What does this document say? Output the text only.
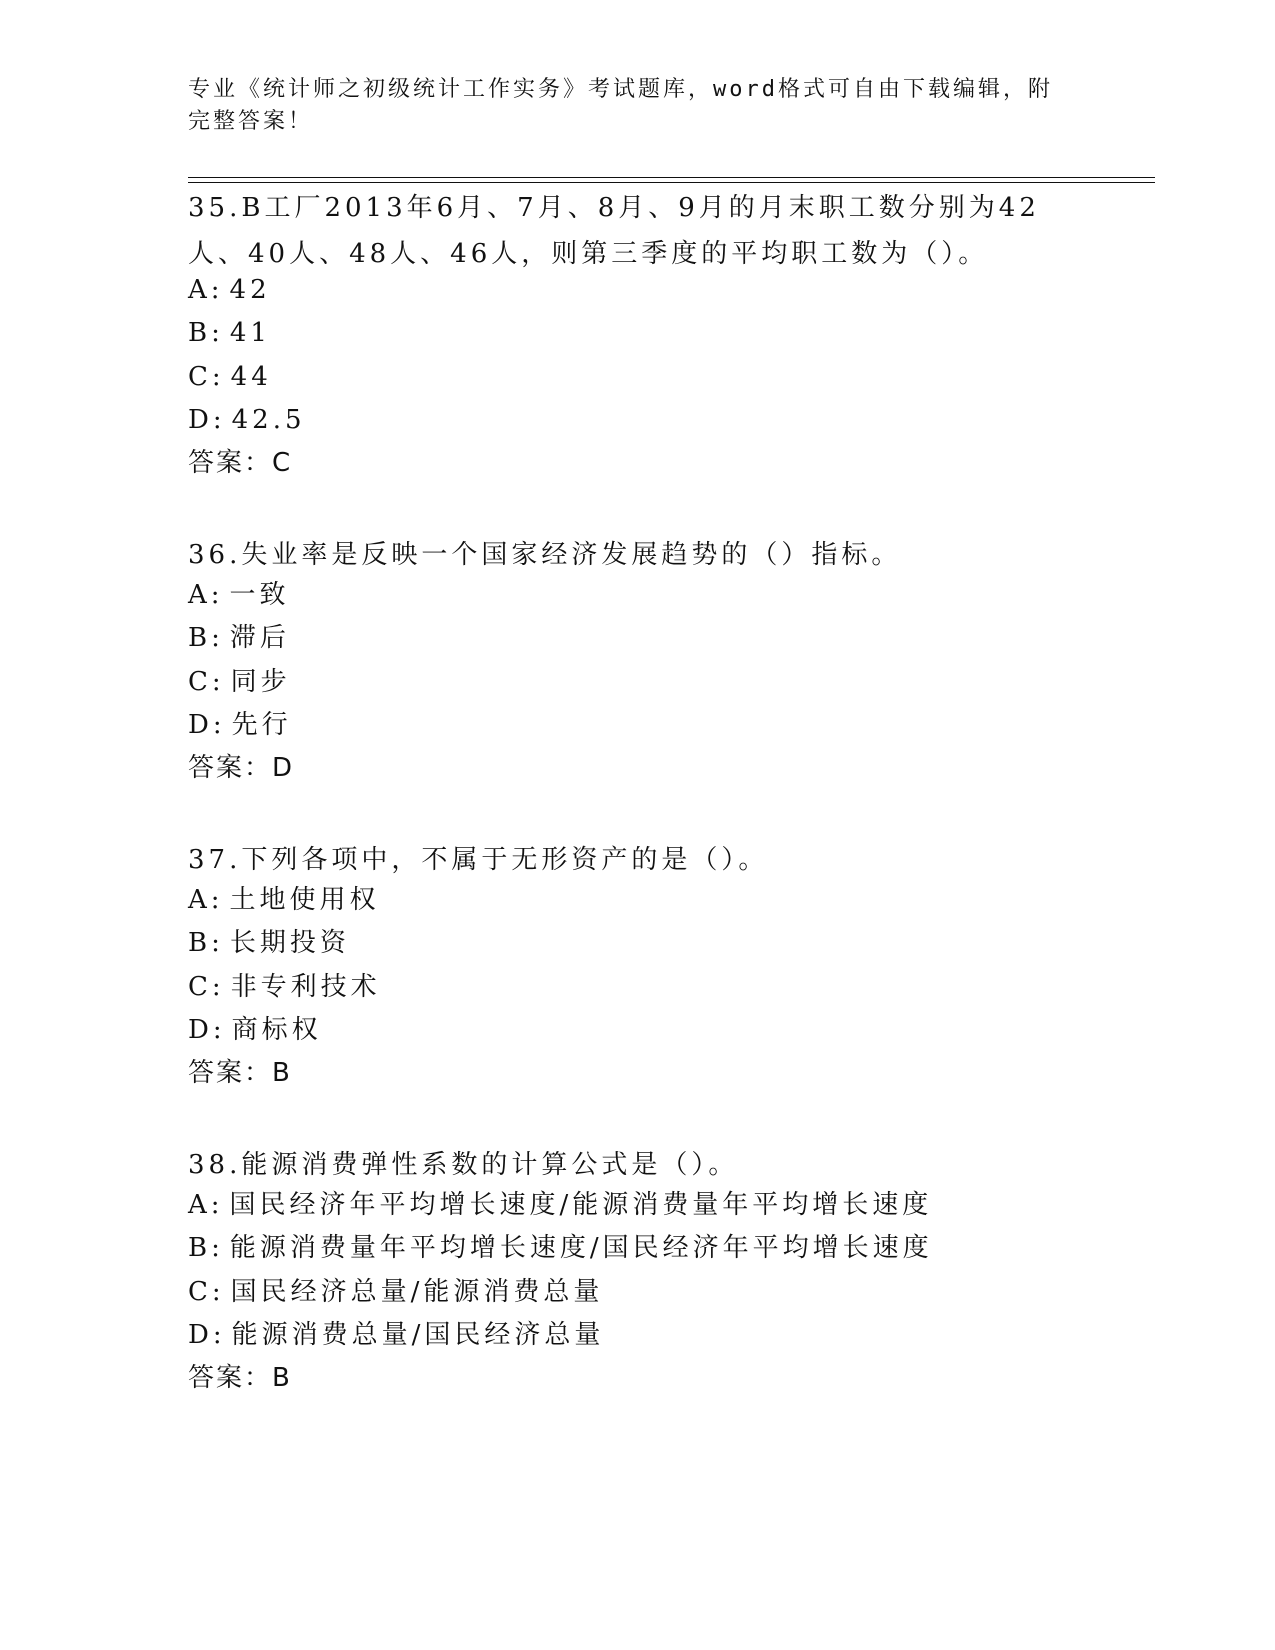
专业《统计师之初级统计工作实务》考试题库，word格式可自由下载编辑，附完整答案！
35.B工厂2013年6月、7月、8月、9月的月末职工数分别为42人、40人、48人、46人，则第三季度的平均职工数为（）。
A: 42
B: 41
C: 44
D: 42.5
答案：C
36.失业率是反映一个国家经济发展趋势的（）指标。
A: 一致
B: 滞后
C: 同步
D: 先行
答案：D
37.下列各项中，不属于无形资产的是（）。
A: 土地使用权
B: 长期投资
C: 非专利技术
D: 商标权
答案：B
38.能源消费弹性系数的计算公式是（）。
A: 国民经济年平均增长速度/能源消费量年平均增长速度
B: 能源消费量年平均增长速度/国民经济年平均增长速度
C: 国民经济总量/能源消费总量
D: 能源消费总量/国民经济总量
答案：B
